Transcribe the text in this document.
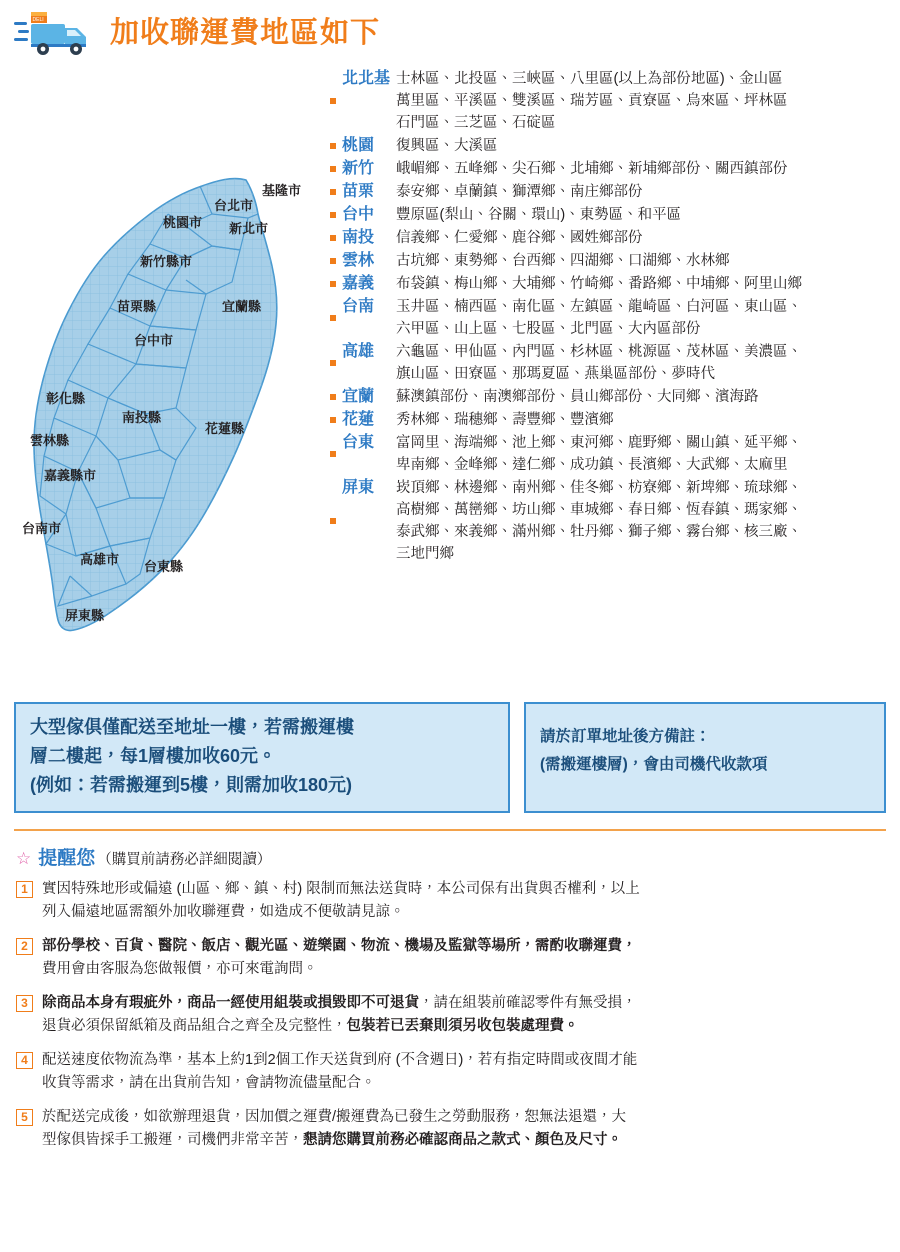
DELI 加收聯運費地區如下
基隆市
台北市
桃園市 新北市
新竹縣市
苗栗縣	宜蘭縣
台中市
彰化縣
南投縣
花蓮縣
雲林縣
嘉義縣市
台南市
高雄市 台東縣
屏東縣
北北基 士林區、北投區、三峽區、八里區(以上為部份地區)、金山區
萬里區、平溪區、雙溪區、瑞芳區、貢寮區、烏來區、坪林區
石門區、三芝區、石碇區
桃園	復興區、大溪區
新竹	峨嵋鄉、五峰鄉、尖石鄉、北埔鄉、新埔鄉部份、關西鎮部份
苗栗	泰安鄉、卓蘭鎮、獅潭鄉、南庄鄉部份
台中	豐原區(梨山、谷關、環山)、東勢區、和平區
南投	信義鄉、仁愛鄉、鹿谷鄉、國姓鄉部份
雲林	古坑鄉、東勢鄉、台西鄉、四湖鄉、口湖鄉、水林鄉
嘉義	布袋鎮、梅山鄉、大埔鄉、竹崎鄉、番路鄉、中埔鄉、阿里山鄉
台南	玉井區、楠西區、南化區、左鎮區、龍崎區、白河區、東山區、
六甲區、山上區、七股區、北門區、大內區部份
高雄	六龜區、甲仙區、內門區、杉林區、桃源區、茂林區、美濃區、
旗山區、田寮區、那瑪夏區、燕巢區部份、夢時代
宜蘭	蘇澳鎮部份、南澳鄉部份、員山鄉部份、大同鄉、濱海路
花蓮	秀林鄉、瑞穗鄉、壽豐鄉、豐濱鄉
台東	富岡里、海端鄉、池上鄉、東河鄉、鹿野鄉、關山鎮、延平鄉、
卑南鄉、金峰鄉、達仁鄉、成功鎮、長濱鄉、大武鄉、太麻里
屏東	崁頂鄉、林邊鄉、南州鄉、佳冬鄉、枋寮鄉、新埤鄉、琉球鄉、
高樹鄉、萬巒鄉、坊山鄉、車城鄉、春日鄉、恆春鎮、瑪家鄉、
泰武鄉、來義鄉、滿州鄉、牡丹鄉、獅子鄉、霧台鄉、核三廠、
三地門鄉
大型傢俱僅配送至地址一樓，若需搬運樓
層二樓起，每1層樓加收60元。
(例如：若需搬運到5樓，則需加收180元)
請於訂單地址後方備註：
(需搬運樓層)，會由司機代收款項
☆ 提醒您 （購買前請務必詳細閱讀）
1 實因特殊地形或偏遠 (山區、鄉、鎮、村) 限制而無法送貨時，本公司保有出貨與否權利，以上
列入偏遠地區需額外加收聯運費，如造成不便敬請見諒。
2 部份學校、百貨、醫院、飯店、觀光區、遊樂園、物流、機場及監獄等場所，需酌收聯運費，
費用會由客服為您做報價，亦可來電詢問。
3 除商品本身有瑕疵外，商品一經使用組裝或損毀即不可退貨，請在組裝前確認零件有無受損，
退貨必須保留紙箱及商品組合之齊全及完整性，包裝若已丟棄則須另收包裝處理費。
4 配送速度依物流為準，基本上約1到2個工作天送貨到府 (不含週日)，若有指定時間或夜間才能
收貨等需求，請在出貨前告知，會請物流儘量配合。
5 於配送完成後，如欲辦理退貨，因加價之運費/搬運費為已發生之勞動服務，恕無法退還，大
型傢俱皆採手工搬運，司機們非常辛苦，懇請您購買前務必確認商品之款式、顏色及尺寸。
